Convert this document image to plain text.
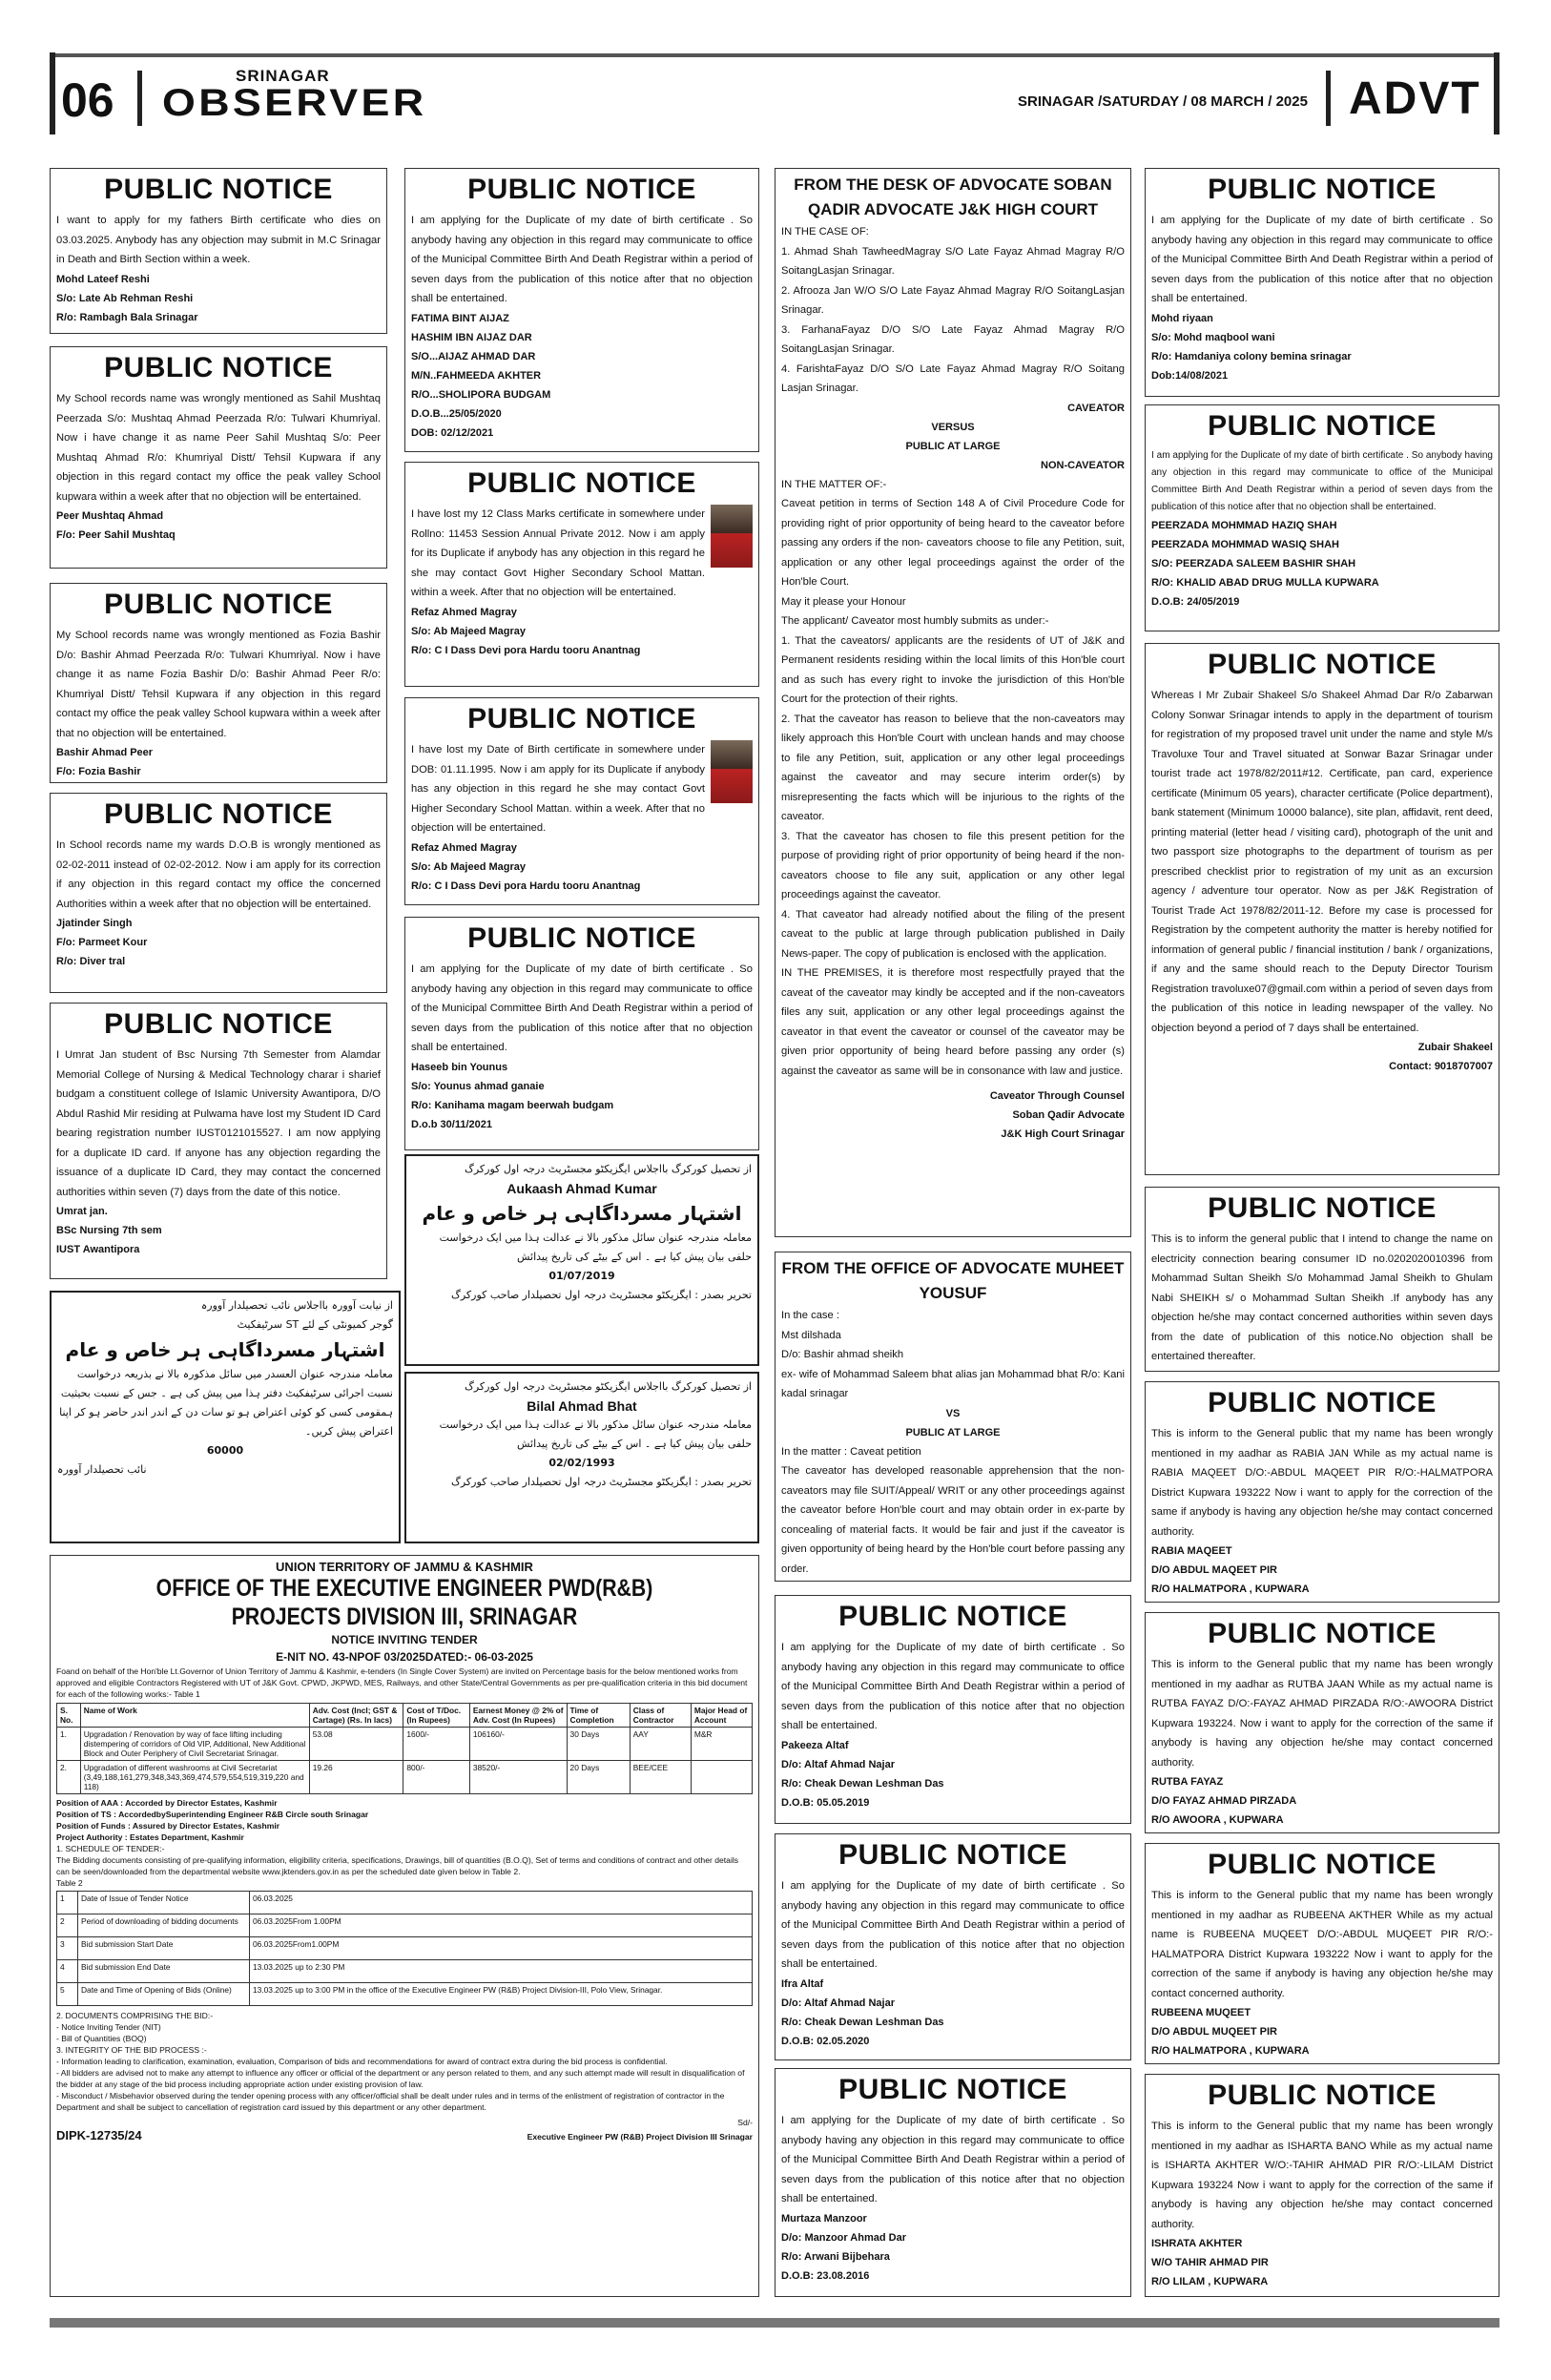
06	SRINAGAR
OBSERVER	SRINAGAR /SATURDAY / 08 MARCH / 2025 ADVT
PUBLIC NOTICE
I want to apply for my fathers Birth certificate who dies on 03.03.2025. Anybody has any objection may submit in M.C Srinagar in Death and Birth Section within a week.
Mohd Lateef Reshi
S/o: Late Ab Rehman Reshi
R/o: Rambagh Bala Srinagar
PUBLIC NOTICE
My School records name was wrongly mentioned as Sahil Mushtaq Peerzada S/o: Mushtaq Ahmad Peerzada R/o: Tulwari Khumriyal. Now i have change it as name Peer Sahil Mushtaq S/o: Peer Mushtaq Ahmad R/o: Khumriyal Distt/ Tehsil Kupwara if any objection in this regard contact my office the peak valley School kupwara within a week after that no objection will be entertained.
Peer Mushtaq Ahmad
F/o: Peer Sahil Mushtaq
PUBLIC NOTICE
My School records name was wrongly mentioned as Fozia Bashir D/o: Bashir Ahmad Peerzada R/o: Tulwari Khumriyal. Now i have change it as name Fozia Bashir D/o: Bashir Ahmad Peer R/o: Khumriyal Distt/ Tehsil Kupwara if any objection in this regard contact my office the peak valley School kupwara within a week after that no objection will be entertained.
Bashir Ahmad Peer
F/o: Fozia Bashir
PUBLIC NOTICE
In School records name my wards D.O.B is wrongly mentioned as 02-02-2011 instead of 02-02-2012. Now i am apply for its correction if any objection in this regard contact my office the concerned Authorities within a week after that no objection will be entertained.
Jjatinder Singh
F/o: Parmeet Kour
R/o: Diver tral
PUBLIC NOTICE
I Umrat Jan student of Bsc Nursing 7th Semester from Alamdar Memorial College of Nursing & Medical Technology charar i sharief budgam a constituent college of Islamic University Awantipora, D/O Abdul Rashid Mir residing at Pulwama have lost my Student ID Card bearing registration number IUST0121015527. I am now applying for a duplicate ID card. If anyone has any objection regarding the issuance of a duplicate ID Card, they may contact the concerned authorities within seven (7) days from the date of this notice.
Umrat jan.
BSc Nursing 7th sem
IUST Awantipora
از نیابت آوورہ بااجلاس نائب تحصیلدار آوورہ
گوجر کمیونٹی کے لئے ST سرٹیفکیٹ
اشتہار مسرداگاہی ہر خاص و عام
معاملہ مندرجہ عنوان العسدر میں سائل مذکورہ بالا نے بذریعہ درخواست نسبت اجرائی سرٹیفکیٹ دفتر ہذا میں پیش کی ہے ۔ جس کے نسبت بحیثیت ہمقومی کسی کو کوئی اعتراض ہو تو سات دن کے اندر اندر حاضر ہو کر اپنا اعتراض پیش کریں۔
60000
نائب تحصیلدار آوورہ
PUBLIC NOTICE
I am applying for the Duplicate of my date of birth certificate . So anybody having any objection in this regard may communicate to office of the Municipal Committee Birth And Death Registrar within a period of seven days from the publication of this notice after that no objection shall be entertained.
FATIMA BINT AIJAZ
HASHIM IBN AIJAZ DAR
S/O...AIJAZ AHMAD DAR
M/N..FAHMEEDA AKHTER
R/O...SHOLIPORA BUDGAM
D.O.B...25/05/2020
DOB: 02/12/2021
PUBLIC NOTICE
I have lost my 12 Class Marks certificate in somewhere under Rollno: 11453 Session Annual Private 2012. Now i am apply for its Duplicate if anybody has any objection in this regard he she may contact Govt Higher Secondary School Mattan. within a week. After that no objection will be entertained.
Refaz Ahmed Magray
S/o: Ab Majeed Magray
R/o: C I Dass Devi pora Hardu tooru Anantnag
PUBLIC NOTICE
I have lost my Date of Birth certificate in somewhere under DOB: 01.11.1995. Now i am apply for its Duplicate if anybody has any objection in this regard he she may contact Govt Higher Secondary School Mattan. within a week. After that no objection will be entertained.
Refaz Ahmed Magray
S/o: Ab Majeed Magray
R/o: C I Dass Devi pora Hardu tooru Anantnag
PUBLIC NOTICE
I am applying for the Duplicate of my date of birth certificate . So anybody having any objection in this regard may communicate to office of the Municipal Committee Birth And Death Registrar within a period of seven days from the publication of this notice after that no objection shall be entertained.
Haseeb bin Younus
S/o: Younus ahmad ganaie
R/o: Kanihama magam beerwah budgam
D.o.b 30/11/2021
از تحصیل کورکرگ بااجلاس ایگزیکٹو مجسٹریٹ درجہ اول کورکرگ
Aukaash Ahmad Kumar
اشتہار مسرداگاہی ہر خاص و عام
معاملہ مندرجہ عنوان سائل مذکور بالا نے عدالت ہذا میں ایک درخواست حلفی بیان پیش کیا ہے ۔ اس کے بیٹے کی تاریخ پیدائش
01/07/2019
تحریر بصدر : ایگزیکٹو مجسٹریٹ درجہ اول تحصیلدار صاحب کورکرگ
از تحصیل کورکرگ بااجلاس ایگزیکٹو مجسٹریٹ درجہ اول کورکرگ
Bilal Ahmad Bhat
معاملہ مندرجہ عنوان سائل مذکور بالا نے عدالت ہذا میں ایک درخواست حلفی بیان پیش کیا ہے ۔ اس کے بیٹے کی تاریخ پیدائش
02/02/1993
تحریر بصدر : ایگزیکٹو مجسٹریٹ درجہ اول تحصیلدار صاحب کورکرگ
UNION TERRITORY OF JAMMU & KASHMIR
OFFICE OF THE EXECUTIVE ENGINEER PWD(R&B)
PROJECTS DIVISION III, SRINAGAR
NOTICE INVITING TENDER
E-NIT NO. 43-NPOF 03/2025DATED:- 06-03-2025
Foand on behalf of the Hon'ble Lt.Governor of Union Territory of Jammu & Kashmir, e-tenders (In Single Cover System) are invited on Percentage basis for the below mentioned works from approved and eligible Contractors Registered with UT of J&K Govt. CPWD, JKPWD, MES, Railways, and other State/Central Governments as per pre-qualification criteria in this bid document for each of the following works:- Table 1
S. No.	Name of Work	Adv. Cost (Incl; GST & Cartage) (Rs. In lacs)	Cost of T/Doc. (In Rupees)	Earnest Money @ 2% of Adv. Cost (In Rupees)	Time of Completion	Class of Contractor	Major Head of Account
1.	Upgradation / Renovation by way of face lifting including distempering of corridors of Old VIP, Additional, New Additional Block and Outer Periphery of Civil Secretariat Srinagar.	53.08	1600/-	106160/-	30 Days	AAY	M&R
2.	Upgradation of different washrooms at Civil Secretariat (3,49,188,161,279,348,343,369,474,579,554,519,319,220 and 118)	19.26	800/-	38520/-	20 Days	BEE/CEE	
Position of AAA : Accorded by Director Estates, Kashmir
Position of TS : AccordedbySuperintending Engineer R&B Circle south Srinagar
Position of Funds : Assured by Director Estates, Kashmir
Project Authority : Estates Department, Kashmir
1. SCHEDULE OF TENDER:-
The Bidding documents consisting of pre-qualifying information, eligibility criteria, specifications, Drawings, bill of quantities (B.O.Q), Set of terms and conditions of contract and other details can be seen/downloaded from the departmental website www.jktenders.gov.in as per the scheduled date given below in Table 2.
Table 2
1	Date of Issue of Tender Notice	06.03.2025
2	Period of downloading of bidding documents	06.03.2025From 1.00PM
3	Bid submission Start Date	06.03.2025From1.00PM
4	Bid submission End Date	13.03.2025 up to 2:30 PM
5	Date and Time of Opening of Bids (Online)	13.03.2025 up to 3:00 PM in the office of the Executive Engineer PW (R&B) Project Division-III, Polo View, Srinagar.
2. DOCUMENTS COMPRISING THE BID:-
- Notice Inviting Tender (NIT)
- Bill of Quantities (BOQ)
3. INTEGRITY OF THE BID PROCESS :-
- Information leading to clarification, examination, evaluation, Comparison of bids and recommendations for award of contract extra during the bid process is confidential.
- All bidders are advised not to make any attempt to influence any officer or official of the department or any person related to them, and any such attempt made will result in disqualification of the bidder at any stage of the bid process including appropriate action under existing provision of law.
- Misconduct / Misbehavior observed during the tender opening process with any officer/official shall be dealt under rules and in terms of the enlistment of registration of contractor in the Department and shall be subject to cancellation of registration card issued by this department or any other department.
Sd/-
DIPK-12735/24	Executive Engineer PW (R&B) Project Division III Srinagar
FROM THE DESK OF ADVOCATE SOBAN QADIR ADVOCATE J&K HIGH COURT
IN THE CASE OF:
1. Ahmad Shah TawheedMagray S/O Late Fayaz Ahmad Magray R/O SoitangLasjan Srinagar.
2. Afrooza Jan W/O S/O Late Fayaz Ahmad Magray R/O SoitangLasjan Srinagar.
3. FarhanaFayaz D/O S/O Late Fayaz Ahmad Magray R/O SoitangLasjan Srinagar.
4. FarishtaFayaz D/O S/O Late Fayaz Ahmad Magray R/O Soitang Lasjan Srinagar.
CAVEATOR
VERSUS
PUBLIC AT LARGE
NON-CAVEATOR
IN THE MATTER OF:-
Caveat petition in terms of Section 148 A of Civil Procedure Code for providing right of prior opportunity of being heard to the caveator before passing any orders if the non- caveators choose to file any Petition, suit, application or any other legal proceedings against the order of the Hon'ble Court.
May it please your Honour
The applicant/ Caveator most humbly submits as under:-
1. That the caveators/ applicants are the residents of UT of J&K and Permanent residents residing within the local limits of this Hon'ble court and as such has every right to invoke the jurisdiction of this Hon'ble Court for the protection of their rights.
2. That the caveator has reason to believe that the non-caveators may likely approach this Hon'ble Court with unclean hands and may choose to file any Petition, suit, application or any other legal proceedings against the caveator and may secure interim order(s) by misrepresenting the facts which will be injurious to the rights of the caveator.
3. That the caveator has chosen to file this present petition for the purpose of providing right of prior opportunity of being heard if the non-caveators choose to file any suit, application or any other legal proceedings against the caveator.
4. That caveator had already notified about the filing of the present caveat to the public at large through publication published in Daily News-paper. The copy of publication is enclosed with the application.
IN THE PREMISES, it is therefore most respectfully prayed that the caveat of the caveator may kindly be accepted and if the non-caveators files any suit, application or any other legal proceedings against the caveator in that event the caveator or counsel of the caveator may be given prior opportunity of being heard before passing any order (s) against the caveator as same will be in consonance with law and justice.
Caveator Through Counsel
Soban Qadir Advocate
J&K High Court Srinagar
FROM THE OFFICE OF ADVOCATE MUHEET YOUSUF
In the case :
Mst dilshada
D/o: Bashir ahmad sheikh
ex- wife of Mohammad Saleem bhat alias jan Mohammad bhat R/o: Kani kadal srinagar
VS
PUBLIC AT LARGE
In the matter : Caveat petition
The caveator has developed reasonable apprehension that the non-caveators may file SUIT/Appeal/ WRIT or any other proceedings against the caveator before Hon'ble court and may obtain order in ex-parte by concealing of material facts. It would be fair and just if the caveator is given opportunity of being heard by the Hon'ble court before passing any order.
PUBLIC NOTICE
I am applying for the Duplicate of my date of birth certificate . So anybody having any objection in this regard may communicate to office of the Municipal Committee Birth And Death Registrar within a period of seven days from the publication of this notice after that no objection shall be entertained.
Pakeeza Altaf
D/o: Altaf Ahmad Najar
R/o: Cheak Dewan Leshman Das
D.O.B: 05.05.2019
PUBLIC NOTICE
I am applying for the Duplicate of my date of birth certificate . So anybody having any objection in this regard may communicate to office of the Municipal Committee Birth And Death Registrar within a period of seven days from the publication of this notice after that no objection shall be entertained.
Ifra Altaf
D/o: Altaf Ahmad Najar
R/o: Cheak Dewan Leshman Das
D.O.B: 02.05.2020
PUBLIC NOTICE
I am applying for the Duplicate of my date of birth certificate . So anybody having any objection in this regard may communicate to office of the Municipal Committee Birth And Death Registrar within a period of seven days from the publication of this notice after that no objection shall be entertained.
Murtaza Manzoor
D/o: Manzoor Ahmad Dar
R/o: Arwani Bijbehara
D.O.B: 23.08.2016
PUBLIC NOTICE
I am applying for the Duplicate of my date of birth certificate . So anybody having any objection in this regard may communicate to office of the Municipal Committee Birth And Death Registrar within a period of seven days from the publication of this notice after that no objection shall be entertained.
Mohd riyaan
S/o: Mohd maqbool wani
R/o: Hamdaniya colony bemina srinagar
Dob:14/08/2021
PUBLIC NOTICE
I am applying for the Duplicate of my date of birth certificate . So anybody having any objection in this regard may communicate to office of the Municipal Committee Birth And Death Registrar within a period of seven days from the publication of this notice after that no objection shall be entertained.
PEERZADA MOHMMAD HAZIQ SHAH
PEERZADA MOHMMAD WASIQ SHAH
S/O: PEERZADA SALEEM BASHIR SHAH
R/O: KHALID ABAD DRUG MULLA KUPWARA
D.O.B: 24/05/2019
PUBLIC NOTICE
Whereas I Mr Zubair Shakeel S/o Shakeel Ahmad Dar R/o Zabarwan Colony Sonwar Srinagar intends to apply in the department of tourism for registration of my proposed travel unit under the name and style M/s Travoluxe Tour and Travel situated at Sonwar Bazar Srinagar under tourist trade act 1978/82/2011#12. Certificate, pan card, experience certificate (Minimum 05 years), character certificate (Police department), bank statement (Minimum 10000 balance), site plan, affidavit, rent deed, printing material (letter head / visiting card), photograph of the unit and two passport size photographs to the department of tourism as per prescribed checklist prior to registration of my unit as an excursion agency / adventure tour operator. Now as per J&K Registration of Tourist Trade Act 1978/82/2011-12. Before my case is processed for Registration by the competent authority the matter is hereby notified for information of general public / financial institution / bank / organizations, if any and the same should reach to the Deputy Director Tourism Registration travoluxe07@gmail.com within a period of seven days from the publication of this notice in leading newspaper of the valley. No objection beyond a period of 7 days shall be entertained.
Zubair Shakeel
Contact: 9018707007
PUBLIC NOTICE
This is to inform the general public that I intend to change the name on electricity connection bearing consumer ID no.0202020010396 from Mohammad Sultan Sheikh S/o Mohammad Jamal Sheikh to Ghulam Nabi SHEIKH s/ o Mohammad Sultan Sheikh .If anybody has any objection he/she may contact concerned authorities within seven days from the date of publication of this notice.No objection shall be entertained thereafter.
PUBLIC NOTICE
This is inform to the General public that my name has been wrongly mentioned in my aadhar as RABIA JAN While as my actual name is RABIA MAQEET D/O:-ABDUL MAQEET PIR R/O:-HALMATPORA District Kupwara 193222 Now i want to apply for the correction of the same if anybody is having any objection he/she may contact concerned authority.
RABIA MAQEET
D/O ABDUL MAQEET PIR
R/O HALMATPORA , KUPWARA
PUBLIC NOTICE
This is inform to the General public that my name has been wrongly mentioned in my aadhar as RUTBA JAAN While as my actual name is RUTBA FAYAZ D/O:-FAYAZ AHMAD PIRZADA R/O:-AWOORA District Kupwara 193224. Now i want to apply for the correction of the same if anybody is having any objection he/she may contact concerned authority.
RUTBA FAYAZ
D/O FAYAZ AHMAD PIRZADA
R/O AWOORA , KUPWARA
PUBLIC NOTICE
This is inform to the General public that my name has been wrongly mentioned in my aadhar as RUBEENA AKTHER While as my actual name is RUBEENA MUQEET D/O:-ABDUL MUQEET PIR R/O:-HALMATPORA District Kupwara 193222 Now i want to apply for the correction of the same if anybody is having any objection he/she may contact concerned authority.
RUBEENA MUQEET
D/O ABDUL MUQEET PIR
R/O HALMATPORA , KUPWARA
PUBLIC NOTICE
This is inform to the General public that my name has been wrongly mentioned in my aadhar as ISHARTA BANO While as my actual name is ISHARTA AKHTER W/O:-TAHIR AHMAD PIR R/O:-LILAM District Kupwara 193224 Now i want to apply for the correction of the same if anybody is having any objection he/she may contact concerned authority.
ISHRATA AKHTER
W/O TAHIR AHMAD PIR
R/O LILAM , KUPWARA
